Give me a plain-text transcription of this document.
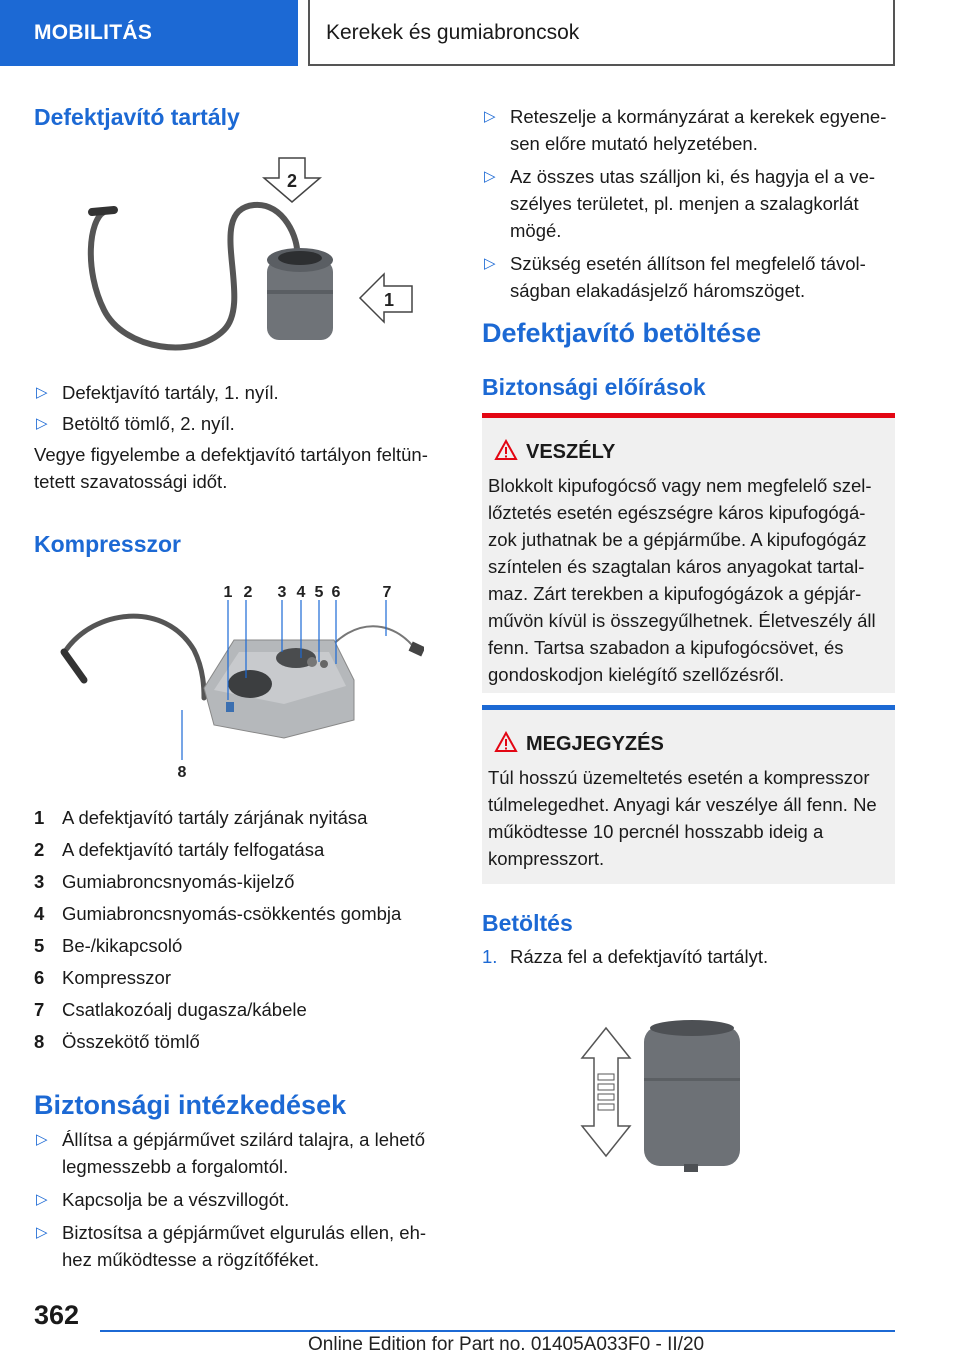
MOBILITÁS	Kerekek és gumiabroncsok
Defektjavító tartály
2
1
▷ Defektjavító tartály, 1. nyíl.
▷ Betöltő tömlő, 2. nyíl.
Vegye figyelembe a defektjavító tartályon feltün-tetett szavatossági időt.
Kompresszor
1 2 3 4 5 6	7
8
1 A defektjavító tartály zárjának nyitása
2 A defektjavító tartály felfogatása
3 Gumiabroncsnyomás-kijelző
4 Gumiabroncsnyomás-csökkentés gombja
5 Be-/kikapcsoló
6 Kompresszor
7 Csatlakozóalj dugasza/kábele
8 Összekötő tömlő
Biztonsági intézkedések
▷ Állítsa a gépjárművet szilárd talajra, a lehető legmesszebb a forgalomtól.
▷ Kapcsolja be a vészvillogót.
▷ Biztosítsa a gépjárművet elgurulás ellen, eh-hez működtesse a rögzítőféket.
▷ Reteszelje a kormányzárat a kerekek egyene-sen előre mutató helyzetében.
▷ Az összes utas szálljon ki, és hagyja el a ve-szélyes területet, pl. menjen a szalagkorlát mögé.
▷ Szükség esetén állítson fel megfelelő távol-ságban elakadásjelző háromszöget.
Defektjavító betöltése
Biztonsági előírások
VESZÉLY
Blokkolt kipufogócső vagy nem megfelelő szel-lőztetés esetén egészségre káros kipufogógá-zok juthatnak be a gépjárműbe. A kipufogógáz színtelen és szagtalan káros anyagokat tartal-maz. Zárt terekben a kipufogógázok a gépjár-művön kívül is összegyűlhetnek. Életveszély áll fenn. Tartsa szabadon a kipufogócsövet, és gondoskodjon kielégítő szellőzésről.
MEGJEGYZÉS
Túl hosszú üzemeltetés esetén a kompresszor túlmelegedhet. Anyagi kár veszélye áll fenn. Ne működtesse 10 percnél hosszabb ideig a kompresszort.
Betöltés
1. Rázza fel a defektjavító tartályt.
362
Online Edition for Part no. 01405A033F0 - II/20
